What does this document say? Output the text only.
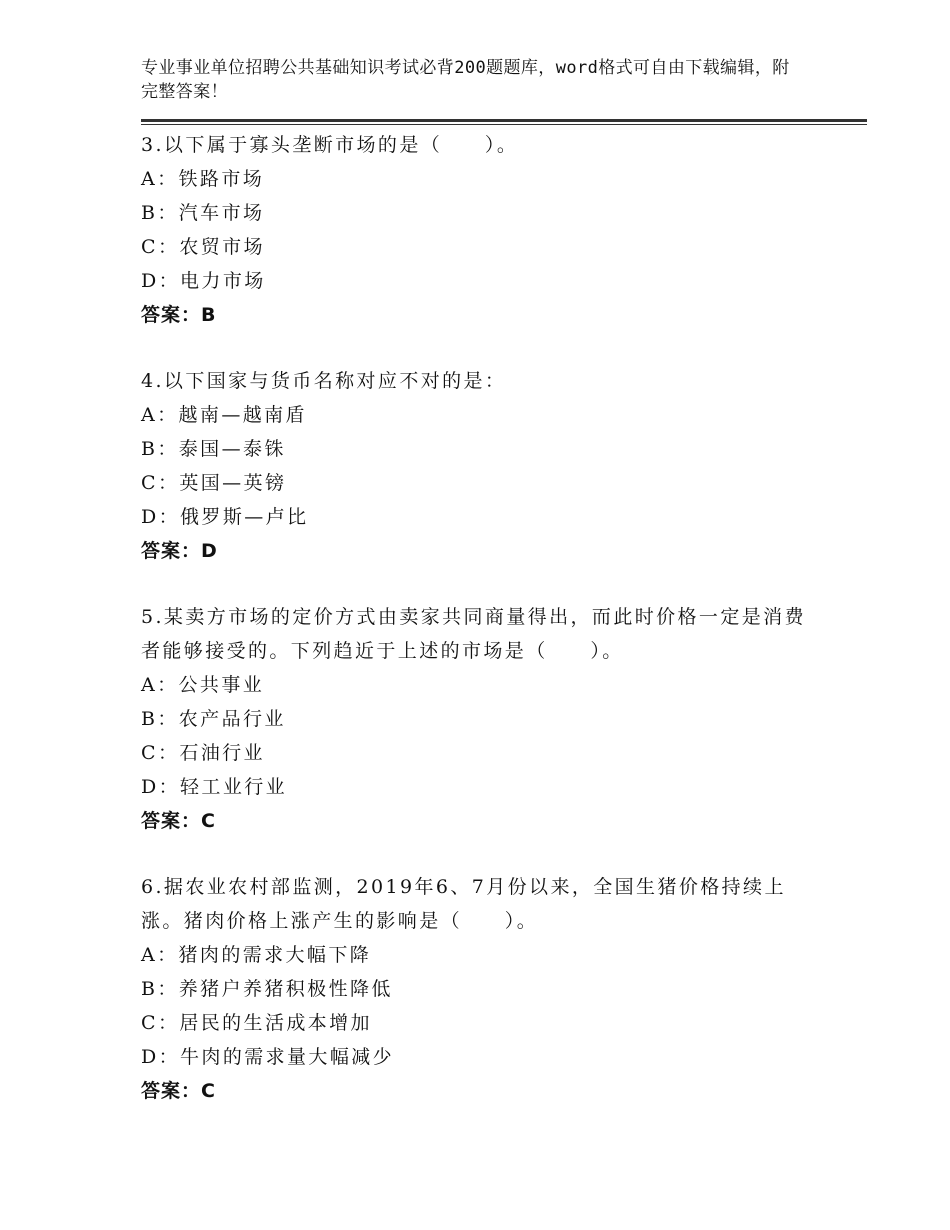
专业事业单位招聘公共基础知识考试必背200题题库，word格式可自由下载编辑，附完整答案！
3.以下属于寡头垄断市场的是（　　）。
A：铁路市场
B：汽车市场
C：农贸市场
D：电力市场
答案：B
4.以下国家与货币名称对应不对的是：
A：越南—越南盾
B：泰国—泰铢
C：英国—英镑
D：俄罗斯—卢比
答案：D
5.某卖方市场的定价方式由卖家共同商量得出，而此时价格一定是消费者能够接受的。下列趋近于上述的市场是（　　）。
A：公共事业
B：农产品行业
C：石油行业
D：轻工业行业
答案：C
6.据农业农村部监测，2019年6、7月份以来，全国生猪价格持续上涨。猪肉价格上涨产生的影响是（　　）。
A：猪肉的需求大幅下降
B：养猪户养猪积极性降低
C：居民的生活成本增加
D：牛肉的需求量大幅减少
答案：C
